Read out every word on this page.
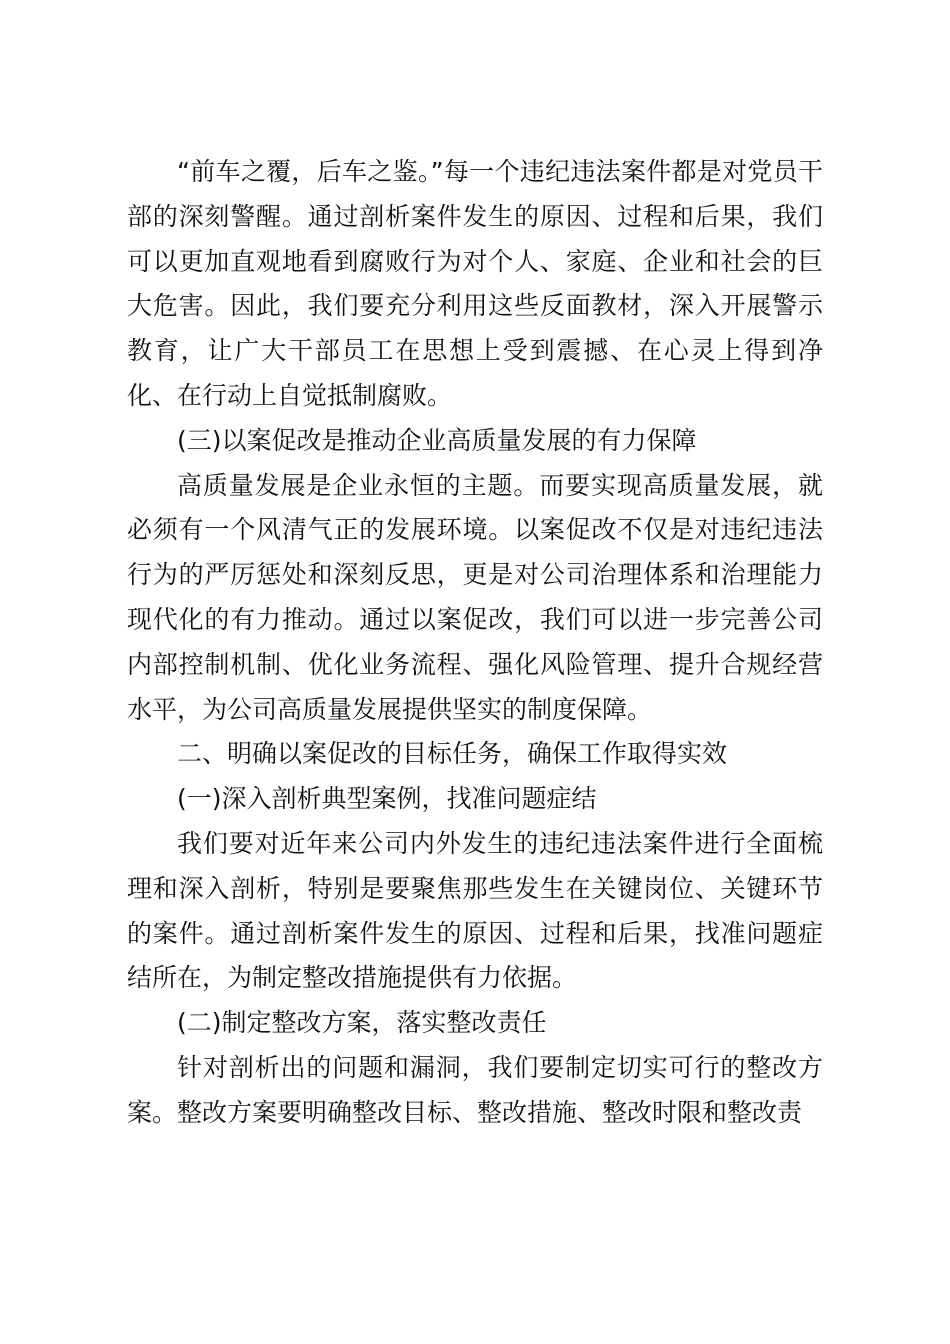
“前车之覆，后车之鉴。”每一个违纪违法案件都是对党员干部的深刻警醒。通过剖析案件发生的原因、过程和后果，我们可以更加直观地看到腐败行为对个人、家庭、企业和社会的巨大危害。因此，我们要充分利用这些反面教材，深入开展警示教育，让广大干部员工在思想上受到震撼、在心灵上得到净化、在行动上自觉抵制腐败。

(三)以案促改是推动企业高质量发展的有力保障

高质量发展是企业永恒的主题。而要实现高质量发展，就必须有一个风清气正的发展环境。以案促改不仅是对违纪违法行为的严厉惩处和深刻反思，更是对公司治理体系和治理能力现代化的有力推动。通过以案促改，我们可以进一步完善公司内部控制机制、优化业务流程、强化风险管理、提升合规经营水平，为公司高质量发展提供坚实的制度保障。

二、明确以案促改的目标任务，确保工作取得实效

(一)深入剖析典型案例，找准问题症结

我们要对近年来公司内外发生的违纪违法案件进行全面梳理和深入剖析，特别是要聚焦那些发生在关键岗位、关键环节的案件。通过剖析案件发生的原因、过程和后果，找准问题症结所在，为制定整改措施提供有力依据。

(二)制定整改方案，落实整改责任

针对剖析出的问题和漏洞，我们要制定切实可行的整改方案。整改方案要明确整改目标、整改措施、整改时限和整改责
